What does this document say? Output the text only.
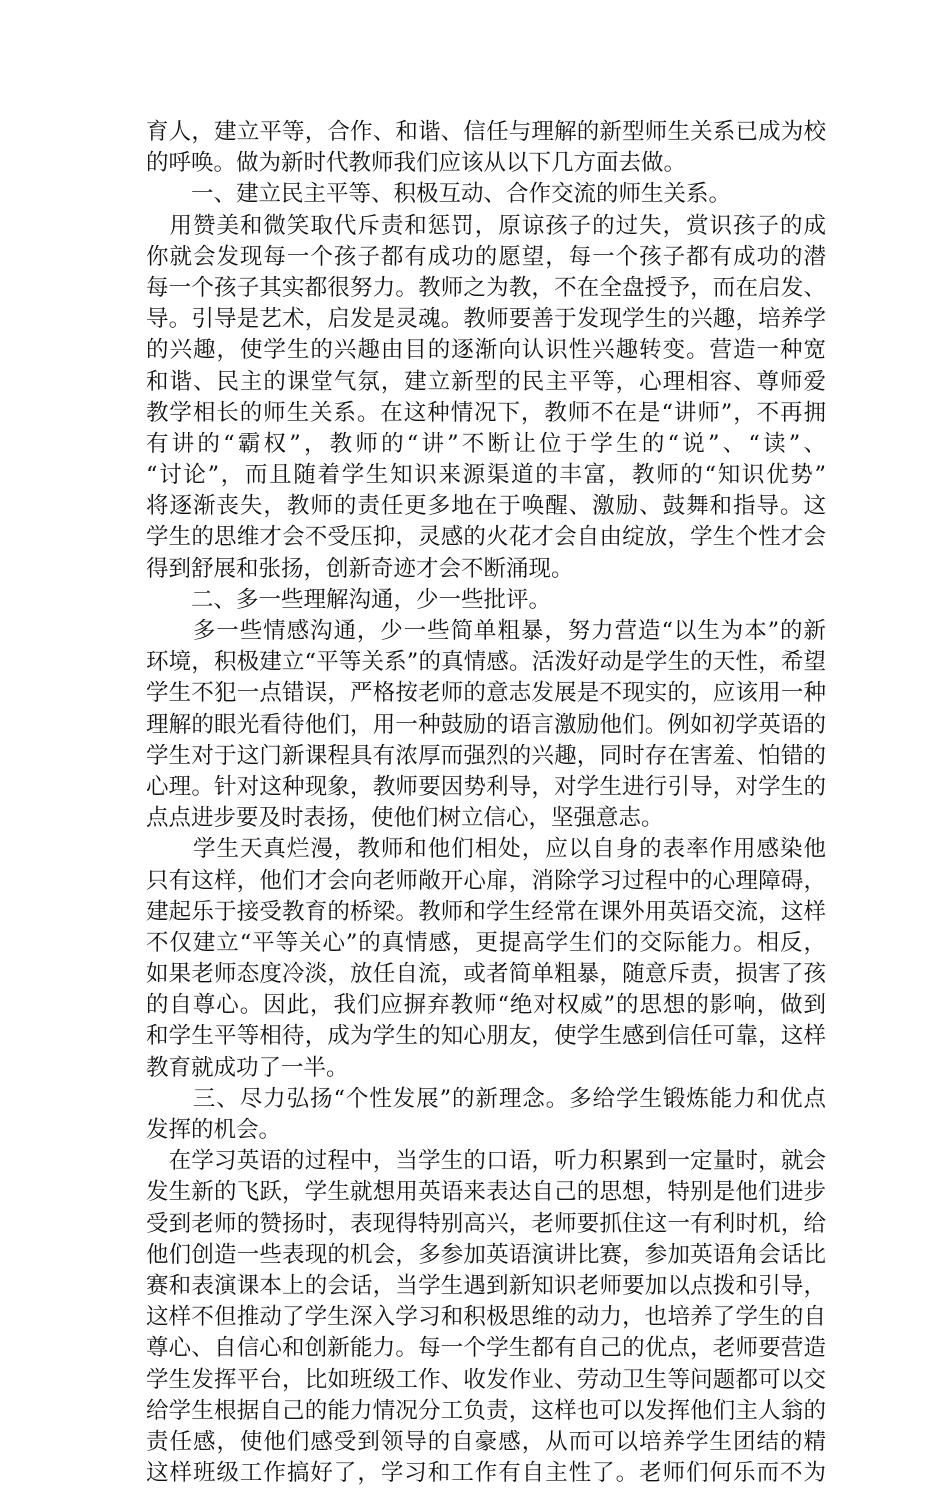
育人，建立平等，合作、和谐、信任与理解的新型师生关系已成为校
的呼唤。做为新时代教师我们应该从以下几方面去做。
　　一、建立民主平等、积极互动、合作交流的师生关系。
　用赞美和微笑取代斥责和惩罚，原谅孩子的过失，赏识孩子的成
你就会发现每一个孩子都有成功的愿望，每一个孩子都有成功的潜
每一个孩子其实都很努力。教师之为教，不在全盘授予，而在启发、
导。引导是艺术，启发是灵魂。教师要善于发现学生的兴趣，培养学
的兴趣，使学生的兴趣由目的逐渐向认识性兴趣转变。营造一种宽
和谐、民主的课堂气氛，建立新型的民主平等，心理相容、尊师爱
教学相长的师生关系。在这种情况下，教师不在是“讲师”，不再拥
有讲的“霸权”，教师的“讲”不断让位于学生的“说”、“读”、
“讨论”，而且随着学生知识来源渠道的丰富，教师的“知识优势”
将逐渐丧失，教师的责任更多地在于唤醒、激励、鼓舞和指导。这
学生的思维才会不受压抑，灵感的火花才会自由绽放，学生个性才会
得到舒展和张扬，创新奇迹才会不断涌现。
　　二、多一些理解沟通，少一些批评。
　　多一些情感沟通，少一些简单粗暴，努力营造“以生为本”的新
环境，积极建立“平等关系”的真情感。活泼好动是学生的天性，希望
学生不犯一点错误，严格按老师的意志发展是不现实的，应该用一种
理解的眼光看待他们，用一种鼓励的语言激励他们。例如初学英语的
学生对于这门新课程具有浓厚而强烈的兴趣，同时存在害羞、怕错的
心理。针对这种现象，教师要因势利导，对学生进行引导，对学生的
点点进步要及时表扬，使他们树立信心，坚强意志。
　　学生天真烂漫，教师和他们相处，应以自身的表率作用感染他
只有这样，他们才会向老师敞开心扉，消除学习过程中的心理障碍，
建起乐于接受教育的桥梁。教师和学生经常在课外用英语交流，这样
不仅建立“平等关心”的真情感，更提高学生们的交际能力。相反，
如果老师态度冷淡，放任自流，或者简单粗暴，随意斥责，损害了孩
的自尊心。因此，我们应摒弃教师“绝对权威”的思想的影响，做到
和学生平等相待，成为学生的知心朋友，使学生感到信任可靠，这样
教育就成功了一半。
　　三、尽力弘扬“个性发展”的新理念。多给学生锻炼能力和优点
发挥的机会。
　在学习英语的过程中，当学生的口语，听力积累到一定量时，就会
发生新的飞跃，学生就想用英语来表达自己的思想，特别是他们进步
受到老师的赞扬时，表现得特别高兴，老师要抓住这一有利时机，给
他们创造一些表现的机会，多参加英语演讲比赛，参加英语角会话比
赛和表演课本上的会话，当学生遇到新知识老师要加以点拨和引导，
这样不但推动了学生深入学习和积极思维的动力，也培养了学生的自
尊心、自信心和创新能力。每一个学生都有自己的优点，老师要营造
学生发挥平台，比如班级工作、收发作业、劳动卫生等问题都可以交
给学生根据自己的能力情况分工负责，这样也可以发挥他们主人翁的
责任感，使他们感受到领导的自豪感，从而可以培养学生团结的精
这样班级工作搞好了，学习和工作有自主性了。老师们何乐而不为
